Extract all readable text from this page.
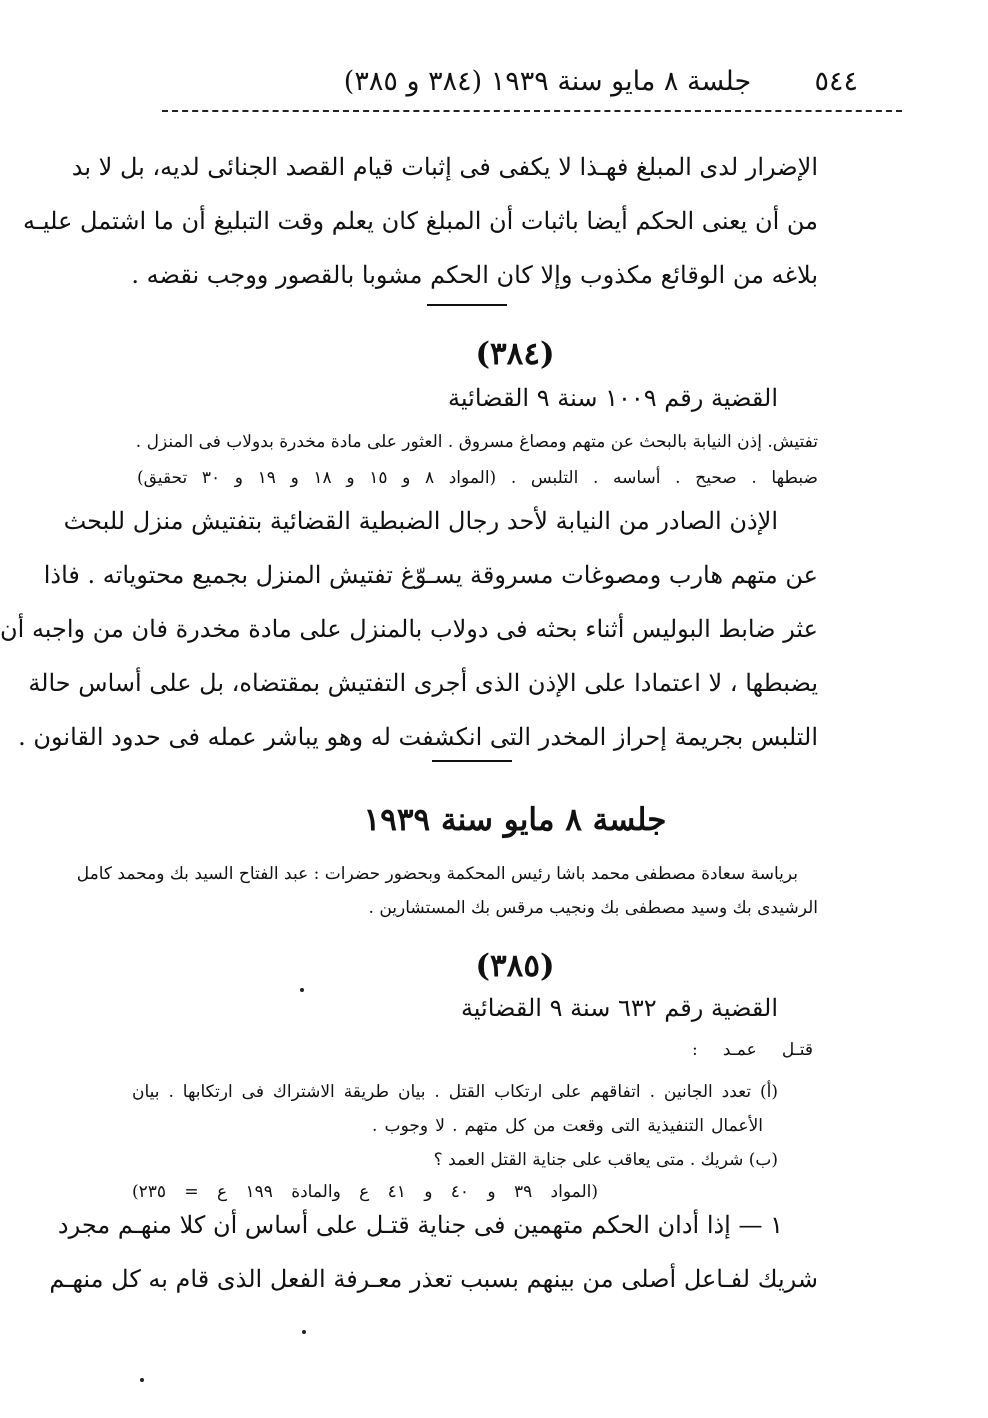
٥٤٤
جلسة ٨ مايو سنة ١٩٣٩ (٣٨٤ و ٣٨٥)
الإضرار لدى المبلغ فهـذا لا يكفى فى إثبات قيام القصد الجنائى لديه، بل لا بد
من أن يعنى الحكم أيضا باثبات أن المبلغ كان يعلم وقت التبليغ أن ما اشتمل عليـه
بلاغه من الوقائع مكذوب وإلا كان الحكم مشوبا بالقصور ووجب نقضه .
(٣٨٤)
القضية رقم ١٠٠٩ سنة ٩ القضائية
تفتيش. إذن النيابة بالبحث عن متهم ومصاغ مسروق . العثور على مادة مخدرة بدولاب فى المنزل .
ضبطها . صحيح . أساسه . التلبس . (المواد ٨ و ١٥ و ١٨ و ١٩ و ٣٠ تحقيق)
الإذن الصادر من النيابة لأحد رجال الضبطية القضائية بتفتيش منزل للبحث
عن متهم هارب ومصوغات مسروقة يسـوّغ تفتيش المنزل بجميع محتوياته . فاذا
عثر ضابط البوليس أثناء بحثه فى دولاب بالمنزل على مادة مخدرة فان من واجبه أن
يضبطها ، لا اعتمادا على الإذن الذى أجرى التفتيش بمقتضاه، بل على أساس حالة
التلبس بجريمة إحراز المخدر التى انكشفت له وهو يباشر عمله فى حدود القانون .
جلسة ٨ مايو سنة ١٩٣٩
برياسة سعادة مصطفى محمد باشا رئيس المحكمة وبحضور حضرات : عبد الفتاح السيد بك ومحمد كامل
الرشيدى بك وسيد مصطفى بك ونجيب مرقس بك المستشارين .
(٣٨٥)
القضية رقم ٦٣٢ سنة ٩ القضائية
قتـل عمـد :
(أ) تعدد الجانين . اتفاقهم على ارتكاب القتل . بيان طريقة الاشتراك فى ارتكابها . بيان
الأعمال التنفيذية التى وقعت من كل متهم . لا وجوب .
(ب) شريك . متى يعاقب على جناية القتل العمد ؟
(المواد ٣٩ و ٤٠ و ٤١ ع والمادة ١٩٩ ع = ٢٣٥)
١ — إذا أدان الحكم متهمين فى جناية قتـل على أساس أن كلا منهـم مجرد
شريك لفـاعل أصلى من بينهم بسبب تعذر معـرفة الفعل الذى قام به كل منهـم
